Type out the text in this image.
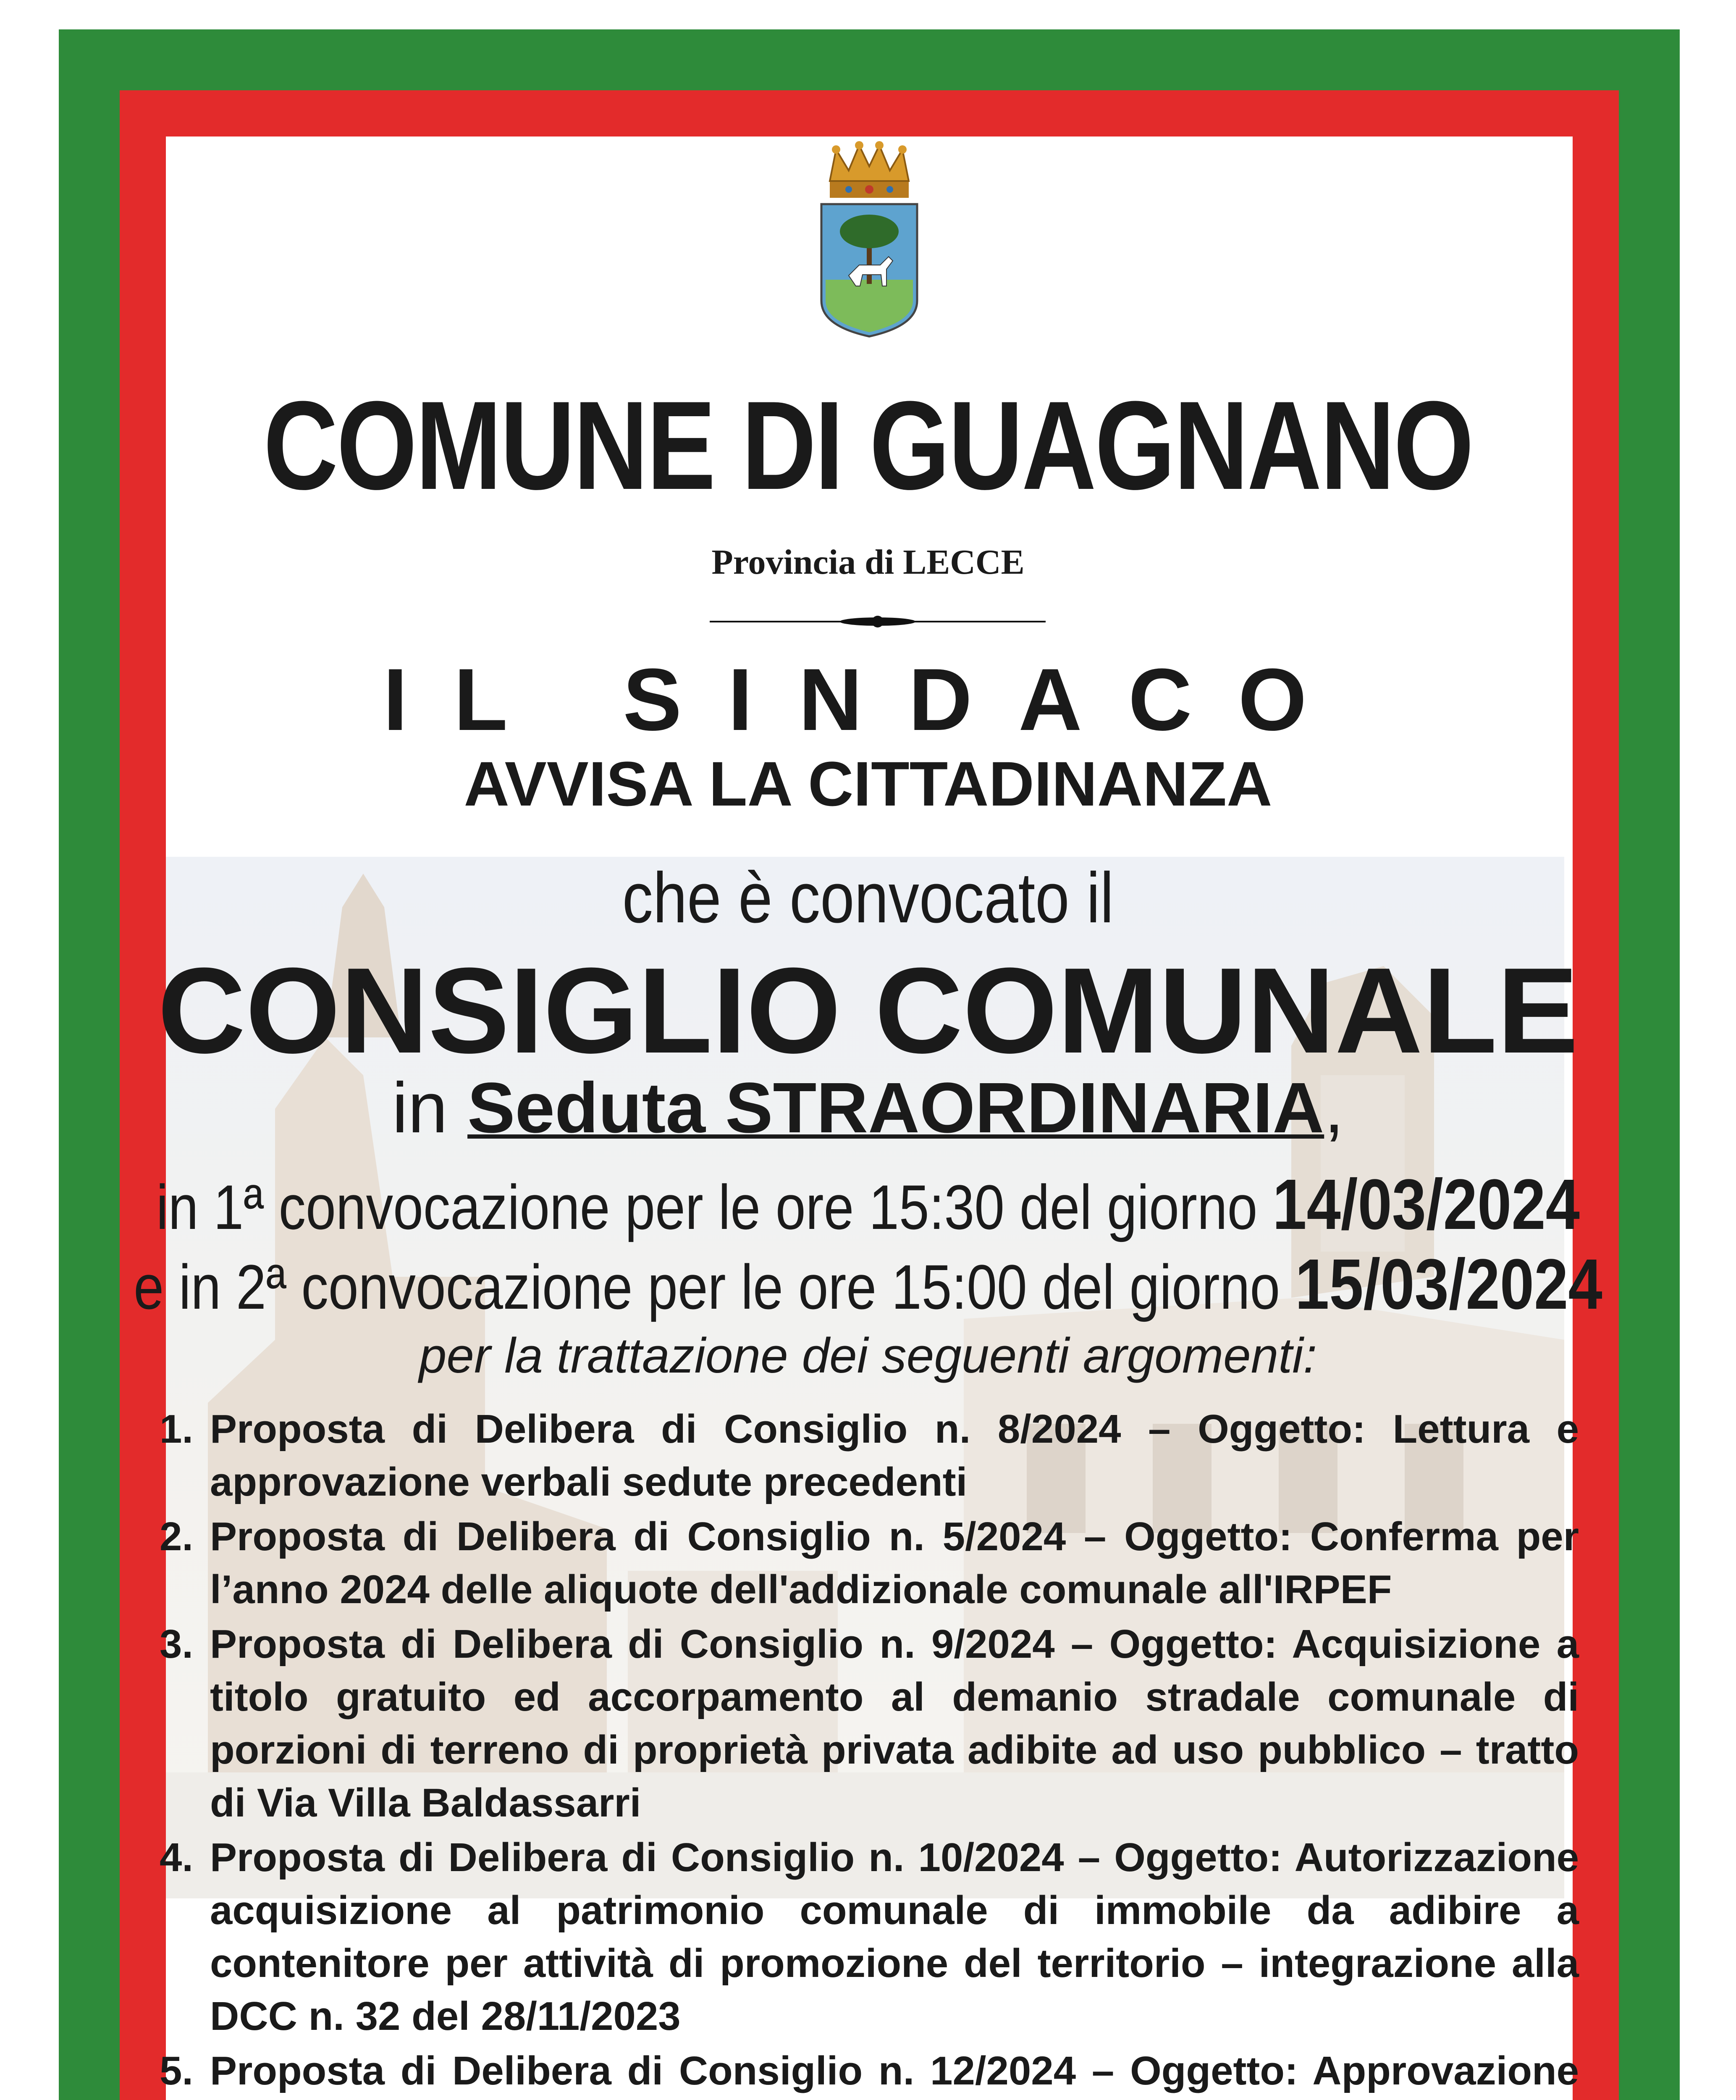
COMUNE DI GUAGNANO
Provincia di LECCE
IL SINDACO
AVVISA LA CITTADINANZA
che è convocato il
CONSIGLIO COMUNALE
in Seduta STRAORDINARIA,
in 1ª convocazione per le ore 15:30 del giorno 14/03/2024
e in 2ª convocazione per le ore 15:00 del giorno 15/03/2024
per la trattazione dei seguenti argomenti:
1. Proposta di Delibera di Consiglio n. 8/2024 – Oggetto: Lettura e approvazione verbali sedute precedenti
2. Proposta di Delibera di Consiglio n. 5/2024 – Oggetto: Conferma per l’anno 2024 delle aliquote dell'addizionale comunale all'IRPEF
3. Proposta di Delibera di Consiglio n. 9/2024 – Oggetto: Acquisizione a titolo gratuito ed accorpamento al demanio stradale comunale di porzioni di terreno di proprietà privata adibite ad uso pubblico – tratto di Via Villa Baldassarri
4. Proposta di Delibera di Consiglio n. 10/2024 – Oggetto: Autorizzazione acquisizione al patrimonio comunale di immobile da adibire a contenitore per attività di promozione del territorio – integrazione alla DCC n. 32 del 28/11/2023
5. Proposta di Delibera di Consiglio n. 12/2024 – Oggetto: Approvazione
